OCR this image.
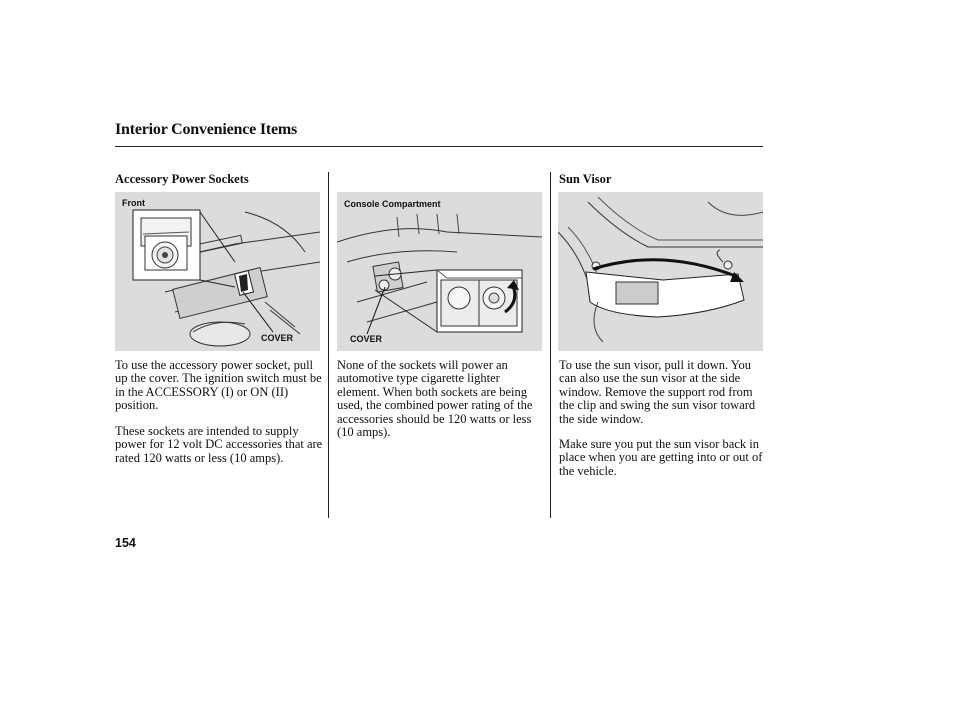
Interior Convenience Items
Accessory Power Sockets
Front
COVER

To use the accessory power socket, pull up the cover. The ignition switch must be in the ACCESSORY (I) or ON (II) position.

These sockets are intended to supply power for 12 volt DC accessories that are rated 120 watts or less (10 amps).

Console Compartment
COVER

None of the sockets will power an automotive type cigarette lighter element. When both sockets are being used, the combined power rating of the accessories should be 120 watts or less (10 amps).

Sun Visor

To use the sun visor, pull it down. You can also use the sun visor at the side window. Remove the support rod from the clip and swing the sun visor toward the side window.

Make sure you put the sun visor back in place when you are getting into or out of the vehicle.

154
